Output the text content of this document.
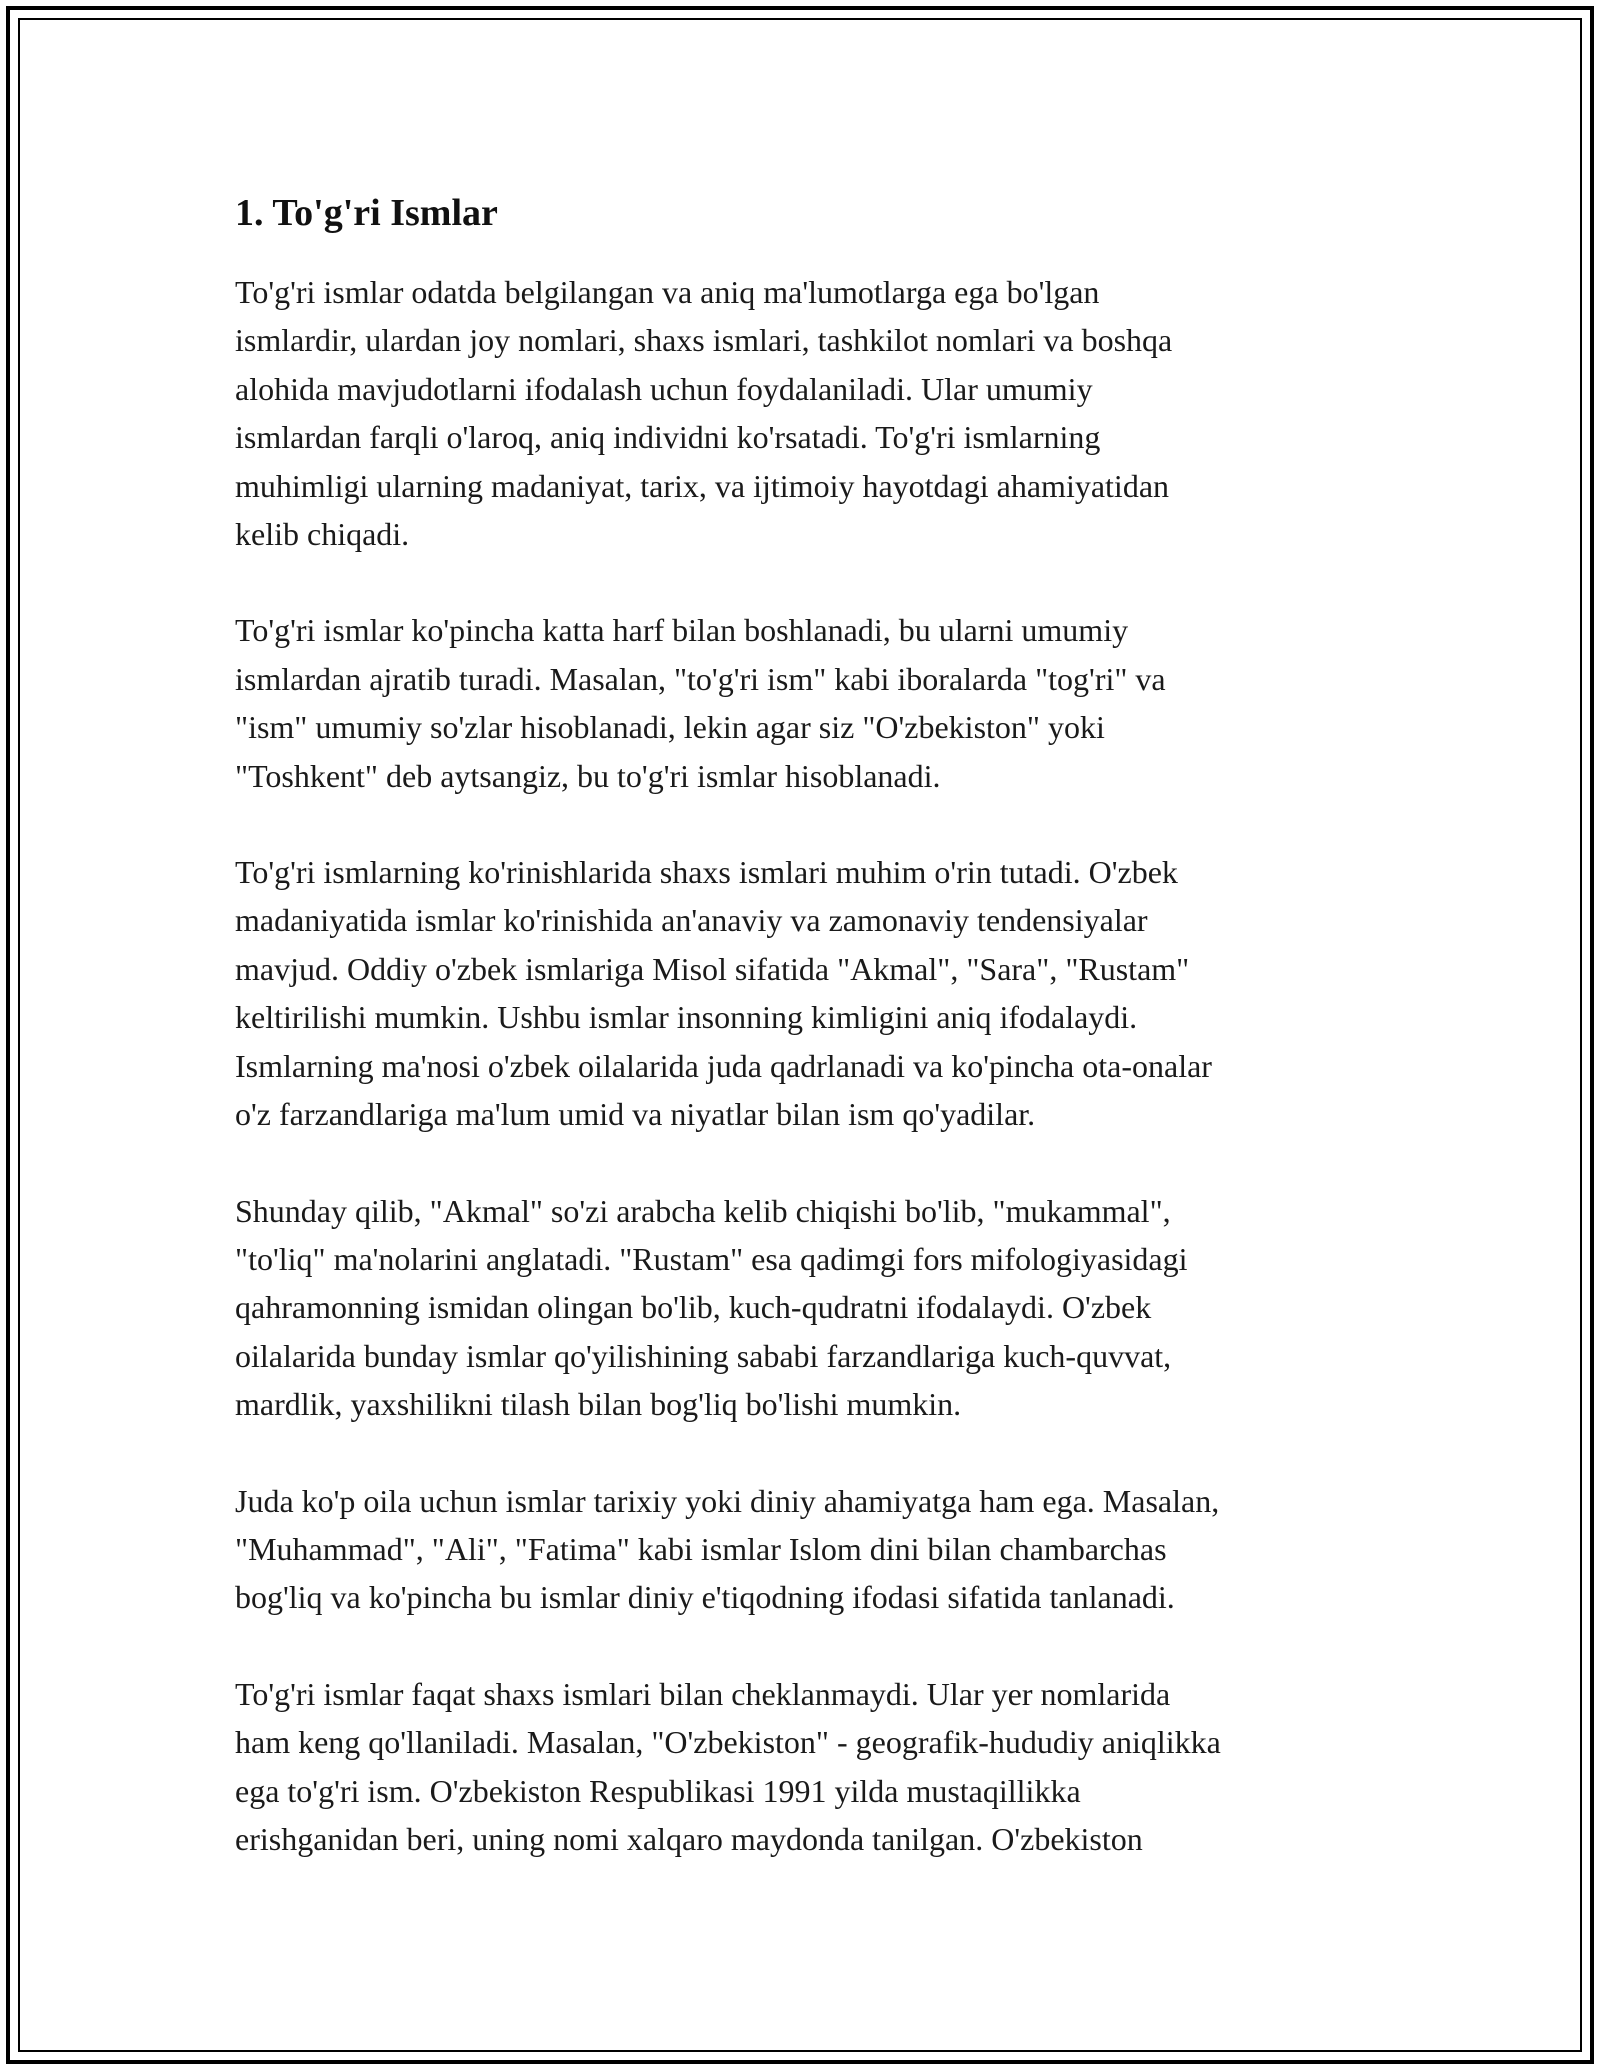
1. To'g'ri Ismlar

To'g'ri ismlar odatda belgilangan va aniq ma'lumotlarga ega bo'lgan
ismlardir, ulardan joy nomlari, shaxs ismlari, tashkilot nomlari va boshqa
alohida mavjudotlarni ifodalash uchun foydalaniladi. Ular umumiy
ismlardan farqli o'laroq, aniq individni ko'rsatadi. To'g'ri ismlarning
muhimligi ularning madaniyat, tarix, va ijtimoiy hayotdagi ahamiyatidan
kelib chiqadi.

To'g'ri ismlar ko'pincha katta harf bilan boshlanadi, bu ularni umumiy
ismlardan ajratib turadi. Masalan, "to'g'ri ism" kabi iboralarda "tog'ri" va
"ism" umumiy so'zlar hisoblanadi, lekin agar siz "O'zbekiston" yoki
"Toshkent" deb aytsangiz, bu to'g'ri ismlar hisoblanadi.

To'g'ri ismlarning ko'rinishlarida shaxs ismlari muhim o'rin tutadi. O'zbek
madaniyatida ismlar ko'rinishida an'anaviy va zamonaviy tendensiyalar
mavjud. Oddiy o'zbek ismlariga Misol sifatida "Akmal", "Sara", "Rustam"
keltirilishi mumkin. Ushbu ismlar insonning kimligini aniq ifodalaydi.
Ismlarning ma'nosi o'zbek oilalarida juda qadrlanadi va ko'pincha ota-onalar
o'z farzandlariga ma'lum umid va niyatlar bilan ism qo'yadilar.

Shunday qilib, "Akmal" so'zi arabcha kelib chiqishi bo'lib, "mukammal",
"to'liq" ma'nolarini anglatadi. "Rustam" esa qadimgi fors mifologiyasidagi
qahramonning ismidan olingan bo'lib, kuch-qudratni ifodalaydi. O'zbek
oilalarida bunday ismlar qo'yilishining sababi farzandlariga kuch-quvvat,
mardlik, yaxshilikni tilash bilan bog'liq bo'lishi mumkin.

Juda ko'p oila uchun ismlar tarixiy yoki diniy ahamiyatga ham ega. Masalan,
"Muhammad", "Ali", "Fatima" kabi ismlar Islom dini bilan chambarchas
bog'liq va ko'pincha bu ismlar diniy e'tiqodning ifodasi sifatida tanlanadi.

To'g'ri ismlar faqat shaxs ismlari bilan cheklanmaydi. Ular yer nomlarida
ham keng qo'llaniladi. Masalan, "O'zbekiston" - geografik-hududiy aniqlikka
ega to'g'ri ism. O'zbekiston Respublikasi 1991 yilda mustaqillikka
erishganidan beri, uning nomi xalqaro maydonda tanilgan. O'zbekiston
